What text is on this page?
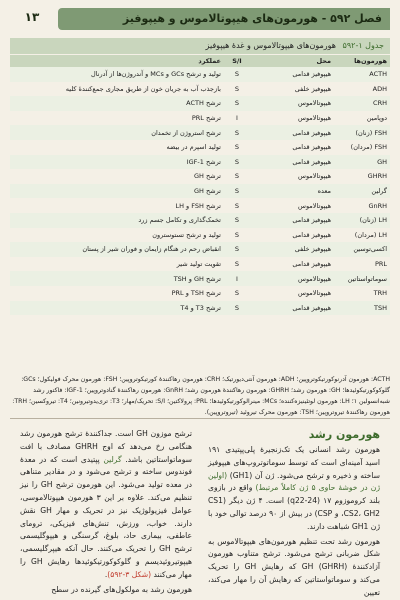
فصل ۵۹۲ - هورمون‌های هیپوتالاموس و هیپوفیز
۱۳
جدول ۱-۵۹۲ هورمون‌های هیپوتالاموس و غدهٔ هیپوفیز
هورمون‌ها	محل	S/I	عملکرد
ACTH	هیپوفیز قدامی	S	تولید و ترشح GCs و MCs و آندروژن‌ها از آدرنال
ADH	هیپوفیز خلفی	S	بازجذب آب به جریان خون از طریق مجاری جمع‌کنندهٔ کلیه
CRH	هیپوتالاموس	S	ترشح ACTH
دوپامین	هیپوتالاموس	I	ترشح PRL
FSH (زنان)	هیپوفیز قدامی	S	ترشح استروژن از تخمدان
FSH (مردان)	هیپوفیز قدامی	S	تولید اسپرم در بیضه
GH	هیپوفیز قدامی	S	ترشح IGF-1
GHRH	هیپوتالاموس	S	ترشح GH
گرلین	معده	S	ترشح GH
GnRH	هیپوتالاموس	S	ترشح FSH و LH
LH (زنان)	هیپوفیز قدامی	S	تخمک‌گذاری و تکامل جسم زرد
LH (مردان)	هیپوفیز قدامی	S	تولید و ترشح تستوسترون
اکسی‌توسین	هیپوفیز خلفی	S	انقباض رحم در هنگام زایمان و فوران شیر از پستان
PRL	هیپوفیز قدامی	S	تقویت تولید شیر
سوماتواستاتین	هیپوتالاموس	I	ترشح GH و TSH
TRH	هیپوتالاموس	S	ترشح TSH و PRL
TSH	هیپوفیز قدامی	S	ترشح T3 و T4
ACTH: هورمون آدرنوکورتیکوتروپین؛ ADH: هورمون آنتی‌دیورتیک؛ CRH: هورمون رهاکنندهٔ کورتیکوتروپین؛ FSH: هورمون محرک فولیکول؛ GCs: گلوکوکورتیکوئیدها؛ GH: هورمون رشد؛ GHRH: هورمون رهاکنندهٔ هورمون رشد؛ GnRH: هورمون رهاکنندهٔ گنادوتروپین؛ IGF-1: فاکتور رشد شبه‌انسولین ۱؛ LH: هورمون لوتئینیزه‌کننده؛ MCs: مینرالوکورتیکوئیدها؛ PRL: پرولاکتین؛ S/I: تحریک/مهار؛ T3: تری‌یدوتیرونین؛ T4: تیروکسین؛ TRH: هورمون رهاکنندهٔ تیروتروپین؛ TSH: هورمون محرک تیروئید (تیروتروپین).
هورمون رشد

هورمون رشد انسانی یک تک‌زنجیرهٔ پلی‌پپتیدی ۱۹۱ اسید آمینه‌ای است که توسط سوماتوتروپ‌های هیپوفیز ساخته و ذخیره و ترشح می‌شود. ژن آن (GH1) (اولین ژن در خوشهٔ حاوی ۵ ژن کاملاً مرتبط) واقع در بازوی بلند کروموزوم ۱۷ (q22-24) است. ۴ ژن دیگر (CS1 ،CS2، GH2 و CSP) در بیش از ۹۰ درصد توالی خود با ژن GH1 شباهت دارند.

هورمون رشد تحت تنظیم هورمون‌های هیپوتالاموس به شکل ضربانی ترشح می‌شود. ترشح متناوب هورمون آزادکنندهٔ GH (GHRH) که رهایش GH را تحریک می‌کند و سوماتواستاتین که رهایش آن را مهار می‌کند، تعیین

ترشح موزون GH است. جداکنندهٔ ترشح هورمون رشد هنگامی رخ می‌دهد که اوج GHRH مصادف با افت سوماتواستاتین باشد. گرلین پپتیدی است که در معدهٔ فوندوس ساخته و ترشح می‌شود و در مقادیر متناهی در معده تولید می‌شود. این هورمون ترشح GH را نیز تنظیم می‌کند. علاوه بر این ۳ هورمون هیپوتالاموسی، عوامل فیزیولوژیک نیز در تحریک و مهار GH نقش دارند. خواب، ورزش، تنش‌های فیزیکی، ترومای عاطفی، بیماری حاد، بلوغ، گرسنگی و هیپوگلیسمی ترشح GH را تحریک می‌کنند. حال آنکه هیپرگلیسمی، هیپوتیروئیدیسم و گلوکوکورتیکوئیدها رهایش GH را مهار می‌کنند (شکل ۳-۵۹۲).

هورمون رشد به مولکول‌های گیرنده در سطح
